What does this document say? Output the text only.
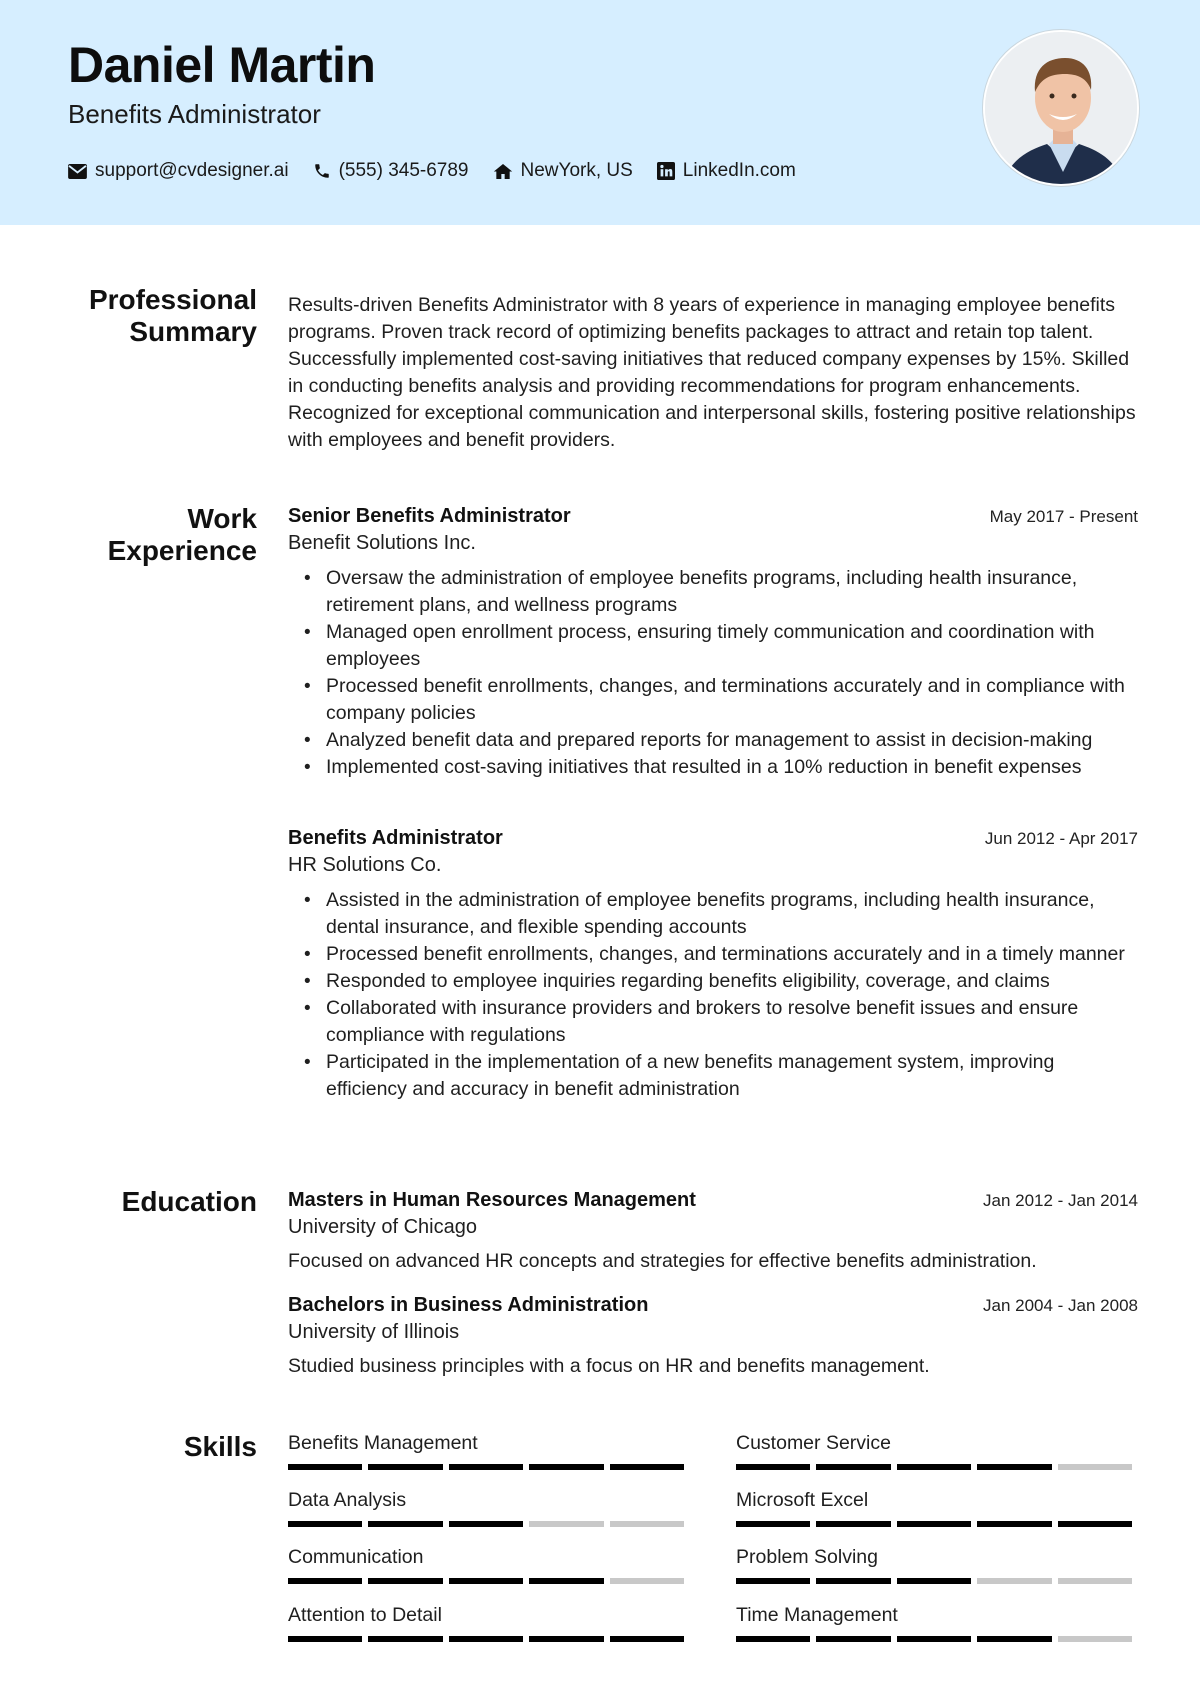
Daniel Martin
Benefits Administrator
support@cvdesigner.ai	(555) 345-6789	NewYork, US	LinkedIn.com
Professional
Summary

Results-driven Benefits Administrator with 8 years of experience in managing employee benefits programs. Proven track record of optimizing benefits packages to attract and retain top talent. Successfully implemented cost-saving initiatives that reduced company expenses by 15%. Skilled in conducting benefits analysis and providing recommendations for program enhancements. Recognized for exceptional communication and interpersonal skills, fostering positive relationships with employees and benefit providers.

Work
Experience
Senior Benefits Administrator	May 2017 - Present
Benefit Solutions Inc.
• Oversaw the administration of employee benefits programs, including health insurance, retirement plans, and wellness programs
• Managed open enrollment process, ensuring timely communication and coordination with employees
• Processed benefit enrollments, changes, and terminations accurately and in compliance with company policies
• Analyzed benefit data and prepared reports for management to assist in decision-making
• Implemented cost-saving initiatives that resulted in a 10% reduction in benefit expenses
Benefits Administrator	Jun 2012 - Apr 2017
HR Solutions Co.
• Assisted in the administration of employee benefits programs, including health insurance, dental insurance, and flexible spending accounts
• Processed benefit enrollments, changes, and terminations accurately and in a timely manner
• Responded to employee inquiries regarding benefits eligibility, coverage, and claims
• Collaborated with insurance providers and brokers to resolve benefit issues and ensure compliance with regulations
• Participated in the implementation of a new benefits management system, improving efficiency and accuracy in benefit administration
Education Masters in Human Resources Management	Jan 2012 - Jan 2014
University of Chicago
Focused on advanced HR concepts and strategies for effective benefits administration.
Bachelors in Business Administration	Jan 2004 - Jan 2008
University of Illinois
Studied business principles with a focus on HR and benefits management.
Skills Benefits Management	Customer Service
Data Analysis	Microsoft Excel
Communication	Problem Solving
Attention to Detail	Time Management
